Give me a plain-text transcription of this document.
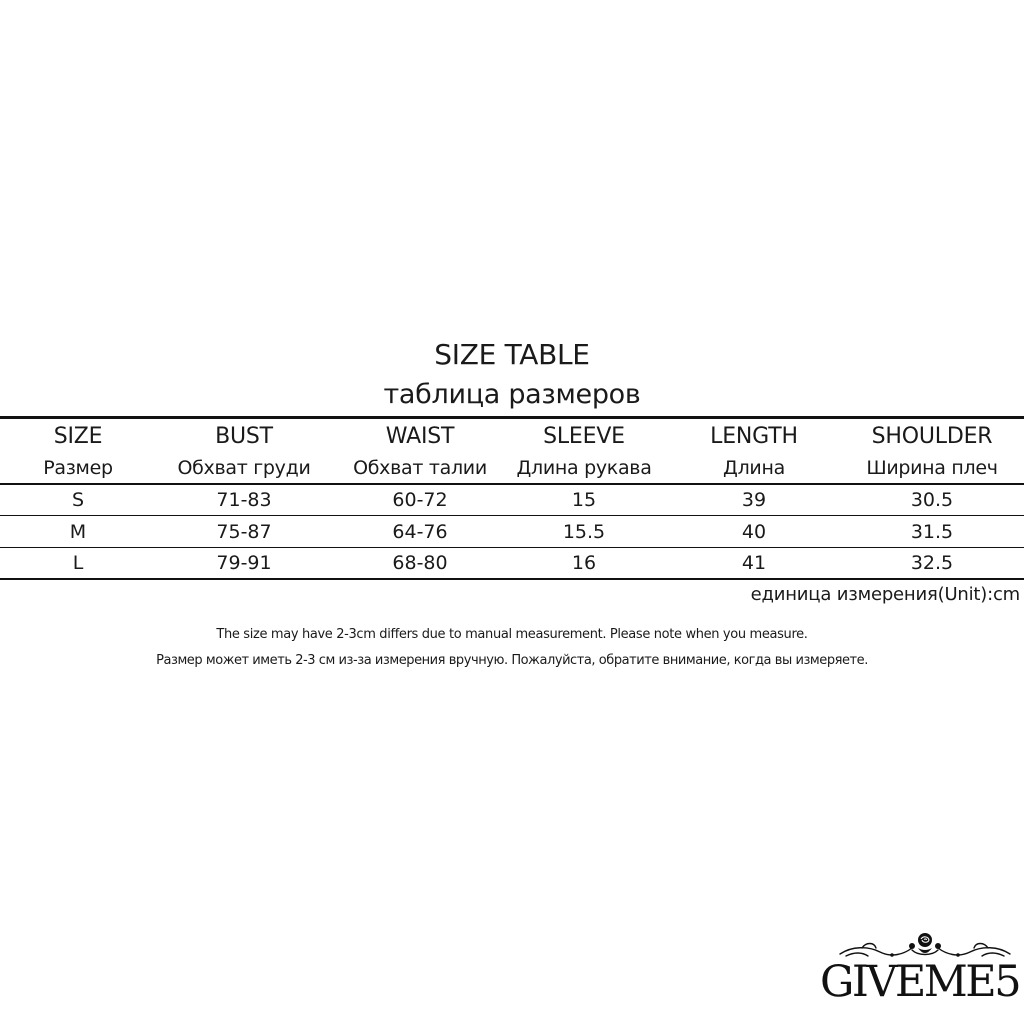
SIZE TABLE
таблица размеров
SIZE	BUST	WAIST	SLEEVE	LENGTH	SHOULDER
Размер	Обхват груди	Обхват талии	Длина рукава	Длина	Ширина плеч
S	71-83	60-72	15	39	30.5
M	75-87	64-76	15.5	40	31.5
L	79-91	68-80	16	41	32.5
единица измерения(Unit):cm
The size may have 2-3cm differs due to manual measurement. Please note when you measure.
Размер может иметь 2-3 см из-за измерения вручную. Пожалуйста, обратите внимание, когда вы измеряете.
GIVEME5
